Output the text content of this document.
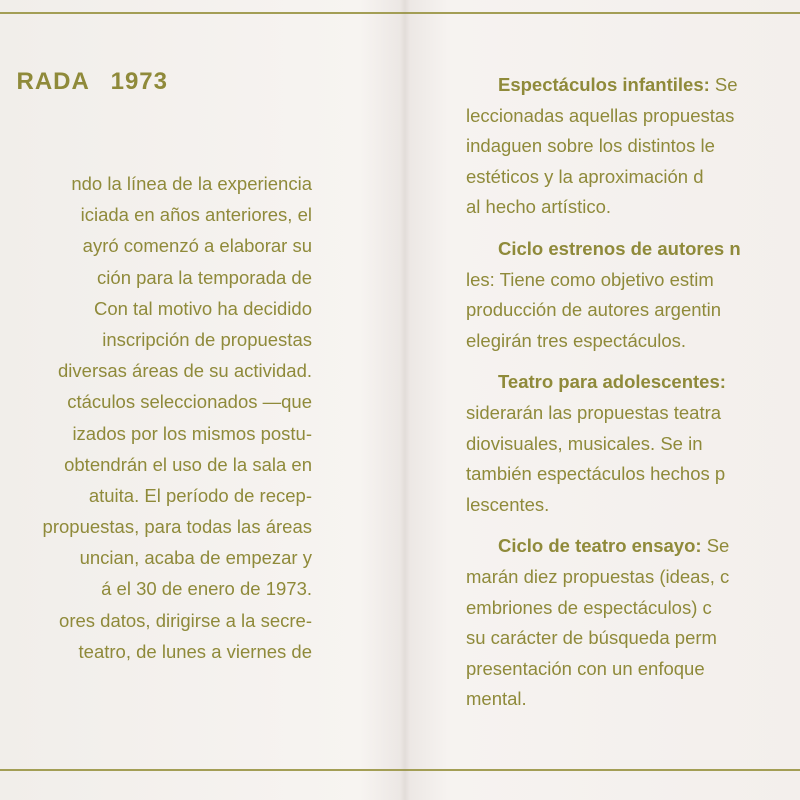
RADA 1973
ndo la línea de la experiencia
iciada en años anteriores, el
ayró comenzó a elaborar su
ción para la temporada de
Con tal motivo ha decidido
inscripción de propuestas
diversas áreas de su actividad.
ctáculos seleccionados —que
izados por los mismos postu-
obtendrán el uso de la sala en
atuita. El período de recep-
propuestas, para todas las áreas
uncian, acaba de empezar y
á el 30 de enero de 1973.
ores datos, dirigirse a la secre-
teatro, de lunes a viernes de
Espectáculos infantiles: Se
leccionadas aquellas propuestas
indaguen sobre los distintos le
estéticos y la aproximación d
al hecho artístico.
Ciclo estrenos de autores n
les: Tiene como objetivo estim
producción de autores argentin
elegirán tres espectáculos.
Teatro para adolescentes:
siderarán las propuestas teatra
diovisuales, musicales. Se in
también espectáculos hechos p
lescentes.
Ciclo de teatro ensayo: Se
marán diez propuestas (ideas, c
embriones de espectáculos) c
su carácter de búsqueda perm
presentación con un enfoque
mental.
